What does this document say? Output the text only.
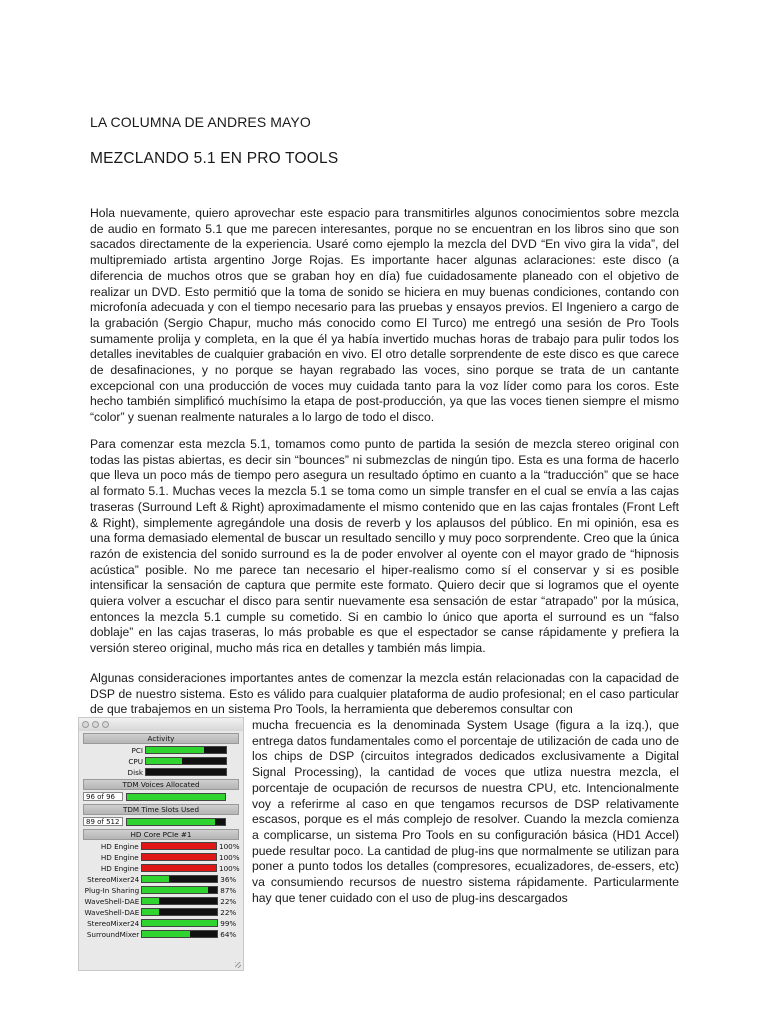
LA COLUMNA DE ANDRES MAYO
MEZCLANDO 5.1 EN PRO TOOLS
Hola nuevamente, quiero aprovechar este espacio para transmitirles algunos conocimientos sobre mezcla de audio en formato 5.1 que me parecen interesantes, porque no se encuentran en los libros sino que son sacados directamente de la experiencia. Usaré como ejemplo la mezcla del DVD “En vivo gira la vida”, del multipremiado artista argentino Jorge Rojas. Es importante hacer algunas aclaraciones: este disco (a diferencia de muchos otros que se graban hoy en día) fue cuidadosamente planeado con el objetivo de realizar un DVD. Esto permitió que la toma de sonido se hiciera en muy buenas condiciones, contando con microfonía adecuada y con el tiempo necesario para las pruebas y ensayos previos. El Ingeniero a cargo de la grabación (Sergio Chapur, mucho más conocido como El Turco) me entregó una sesión de Pro Tools sumamente prolija y completa, en la que él ya había invertido muchas horas de trabajo para pulir todos los detalles inevitables de cualquier grabación en vivo. El otro detalle sorprendente de este disco es que carece de desafinaciones, y no porque se hayan regrabado las voces, sino porque se trata de un cantante excepcional con una producción de voces muy cuidada tanto para la voz líder como para los coros. Este hecho también simplificó muchísimo la etapa de post-producción, ya que las voces tienen siempre el mismo “color” y suenan realmente naturales a lo largo de todo el disco.
Para comenzar esta mezcla 5.1, tomamos como punto de partida la sesión de mezcla stereo original con todas las pistas abiertas, es decir sin “bounces” ni submezclas de ningún tipo. Esta es una forma de hacerlo que lleva un poco más de tiempo pero asegura un resultado óptimo en cuanto a la “traducción” que se hace al formato 5.1. Muchas veces la mezcla 5.1 se toma como un simple transfer en el cual se envía a las cajas traseras (Surround Left & Right) aproximadamente el mismo contenido que en las cajas frontales (Front Left & Right), simplemente agregándole una dosis de reverb y los aplausos del público. En mi opinión, esa es una forma demasiado elemental de buscar un resultado sencillo y muy poco sorprendente. Creo que la única razón de existencia del sonido surround es la de poder envolver al oyente con el mayor grado de “hipnosis acústica” posible. No me parece tan necesario el hiper-realismo como sí el conservar y si es posible intensificar la sensación de captura que permite este formato. Quiero decir que si logramos que el oyente quiera volver a escuchar el disco para sentir nuevamente esa sensación de estar “atrapado” por la música, entonces la mezcla 5.1 cumple su cometido. Si en cambio lo único que aporta el surround es un “falso doblaje” en las cajas traseras, lo más probable es que el espectador se canse rápidamente y prefiera la versión stereo original, mucho más rica en detalles y también más limpia.
Algunas consideraciones importantes antes de comenzar la mezcla están relacionadas con la capacidad de DSP de nuestro sistema. Esto es válido para cualquier plataforma de audio profesional; en el caso particular de que trabajemos en un sistema Pro Tools, la herramienta que deberemos consultar con
mucha frecuencia es la denominada System Usage (figura a la izq.), que entrega datos fundamentales como el porcentaje de utilización de cada uno de los chips de DSP (circuitos integrados dedicados exclusivamente a Digital Signal Processing), la cantidad de voces que utliza nuestra mezcla, el porcentaje de ocupación de recursos de nuestra CPU, etc. Intencionalmente voy a referirme al caso en que tengamos recursos de DSP relativamente escasos, porque es el más complejo de resolver. Cuando la mezcla comienza a complicarse, un sistema Pro Tools en su configuración básica (HD1 Accel) puede resultar poco. La cantidad de plug-ins que normalmente se utilizan para poner a punto todos los detalles (compresores, ecualizadores, de-essers, etc) va consumiendo recursos de nuestro sistema rápidamente. Particularmente hay que tener cuidado con el uso de plug-ins descargados
Activity
PCI
CPU
Disk
TDM Voices Allocated
96 of 96
TDM Time Slots Used
89 of 512
HD Core PCIe #1
HD Engine	100%
HD Engine	100%
HD Engine	100%
StereoMixer24	36%
Plug-In Sharing	87%
WaveShell-DAE	22%
WaveShell-DAE	22%
StereoMixer24	99%
SurroundMixer	64%
